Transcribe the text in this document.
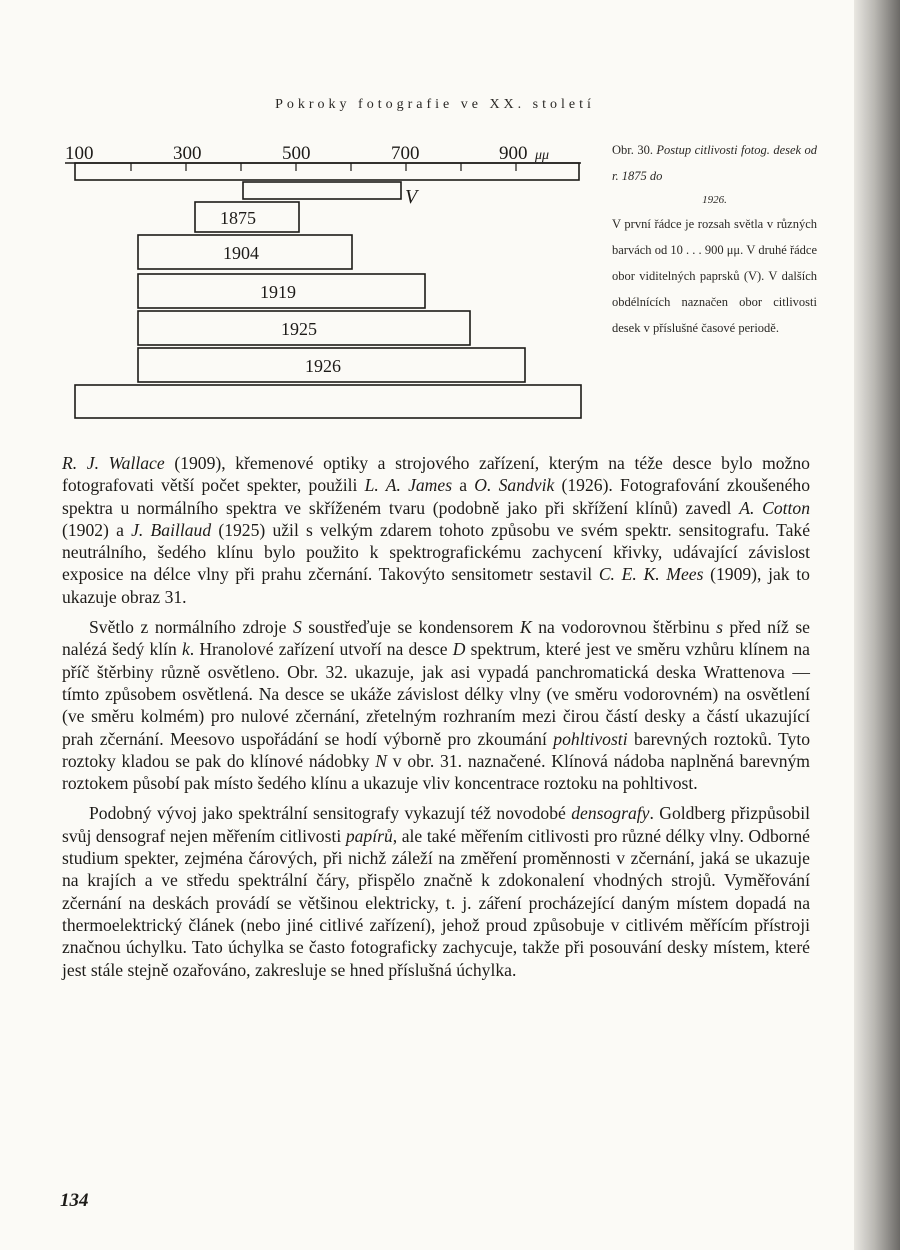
Pokroky fotografie ve XX. století
100	300	500	700	900 μμ
V
1875
1904
1919
1925
1926
Obr. 30. Postup citlivosti fotog. desek od r. 1875 do
1926.
V první řádce je rozsah světla v různých barvách od 10 . . . 900 μμ. V druhé řádce obor viditelných paprsků (V). V dalších obdélnících naznačen obor citlivosti desek v příslušné časové periodě.

R. J. Wallace (1909), křemenové optiky a strojového zařízení, kterým na téže desce bylo možno fotografovati větší počet spekter, použili L. A. James a O. Sandvik (1926). Fotografování zkoušeného spektra u normálního spektra ve skříženém tvaru (podobně jako při skřížení klínů) zavedl A. Cotton (1902) a J. Baillaud (1925) užil s velkým zdarem tohoto způsobu ve svém spektr. sensitografu. Také neutrálního, šedého klínu bylo použito k spektrografickému zachycení křivky, udávající závislost exposice na délce vlny při prahu zčernání. Takovýto sensitometr sestavil C. E. K. Mees (1909), jak to ukazuje obraz 31.

Světlo z normálního zdroje S soustřeďuje se kondensorem K na vodorovnou štěrbinu s před níž se nalézá šedý klín k. Hranolové zařízení utvoří na desce D spektrum, které jest ve směru vzhůru klínem na příč štěrbiny různě osvětleno. Obr. 32. ukazuje, jak asi vypadá panchromatická deska Wrattenova — tímto způsobem osvětlená. Na desce se ukáže závislost délky vlny (ve směru vodorovném) na osvětlení (ve směru kolmém) pro nulové zčernání, zřetelným rozhraním mezi čirou částí desky a částí ukazující prah zčernání. Meesovo uspořádání se hodí výborně pro zkoumání pohltivosti barevných roztoků. Tyto roztoky kladou se pak do klínové nádobky N v obr. 31. naznačené. Klínová nádoba naplněná barevným roztokem působí pak místo šedého klínu a ukazuje vliv koncentrace roztoku na pohltivost.

Podobný vývoj jako spektrální sensitografy vykazují též novodobé densografy. Goldberg přizpůsobil svůj densograf nejen měřením citlivosti papírů, ale také měřením citlivosti pro různé délky vlny. Odborné studium spekter, zejména čárových, při nichž záleží na změření proměnnosti v zčernání, jaká se ukazuje na krajích a ve středu spektrální čáry, přispělo značně k zdokonalení vhodných strojů. Vyměřování zčernání na deskách provádí se většinou elektricky, t. j. záření procházející daným místem dopadá na thermoelektrický článek (nebo jiné citlivé zařízení), jehož proud způsobuje v citlivém měřícím přístroji značnou úchylku. Tato úchylka se často fotograficky zachycuje, takže při posouvání desky místem, které jest stále stejně ozařováno, zakresluje se hned příslušná úchylka.

134
